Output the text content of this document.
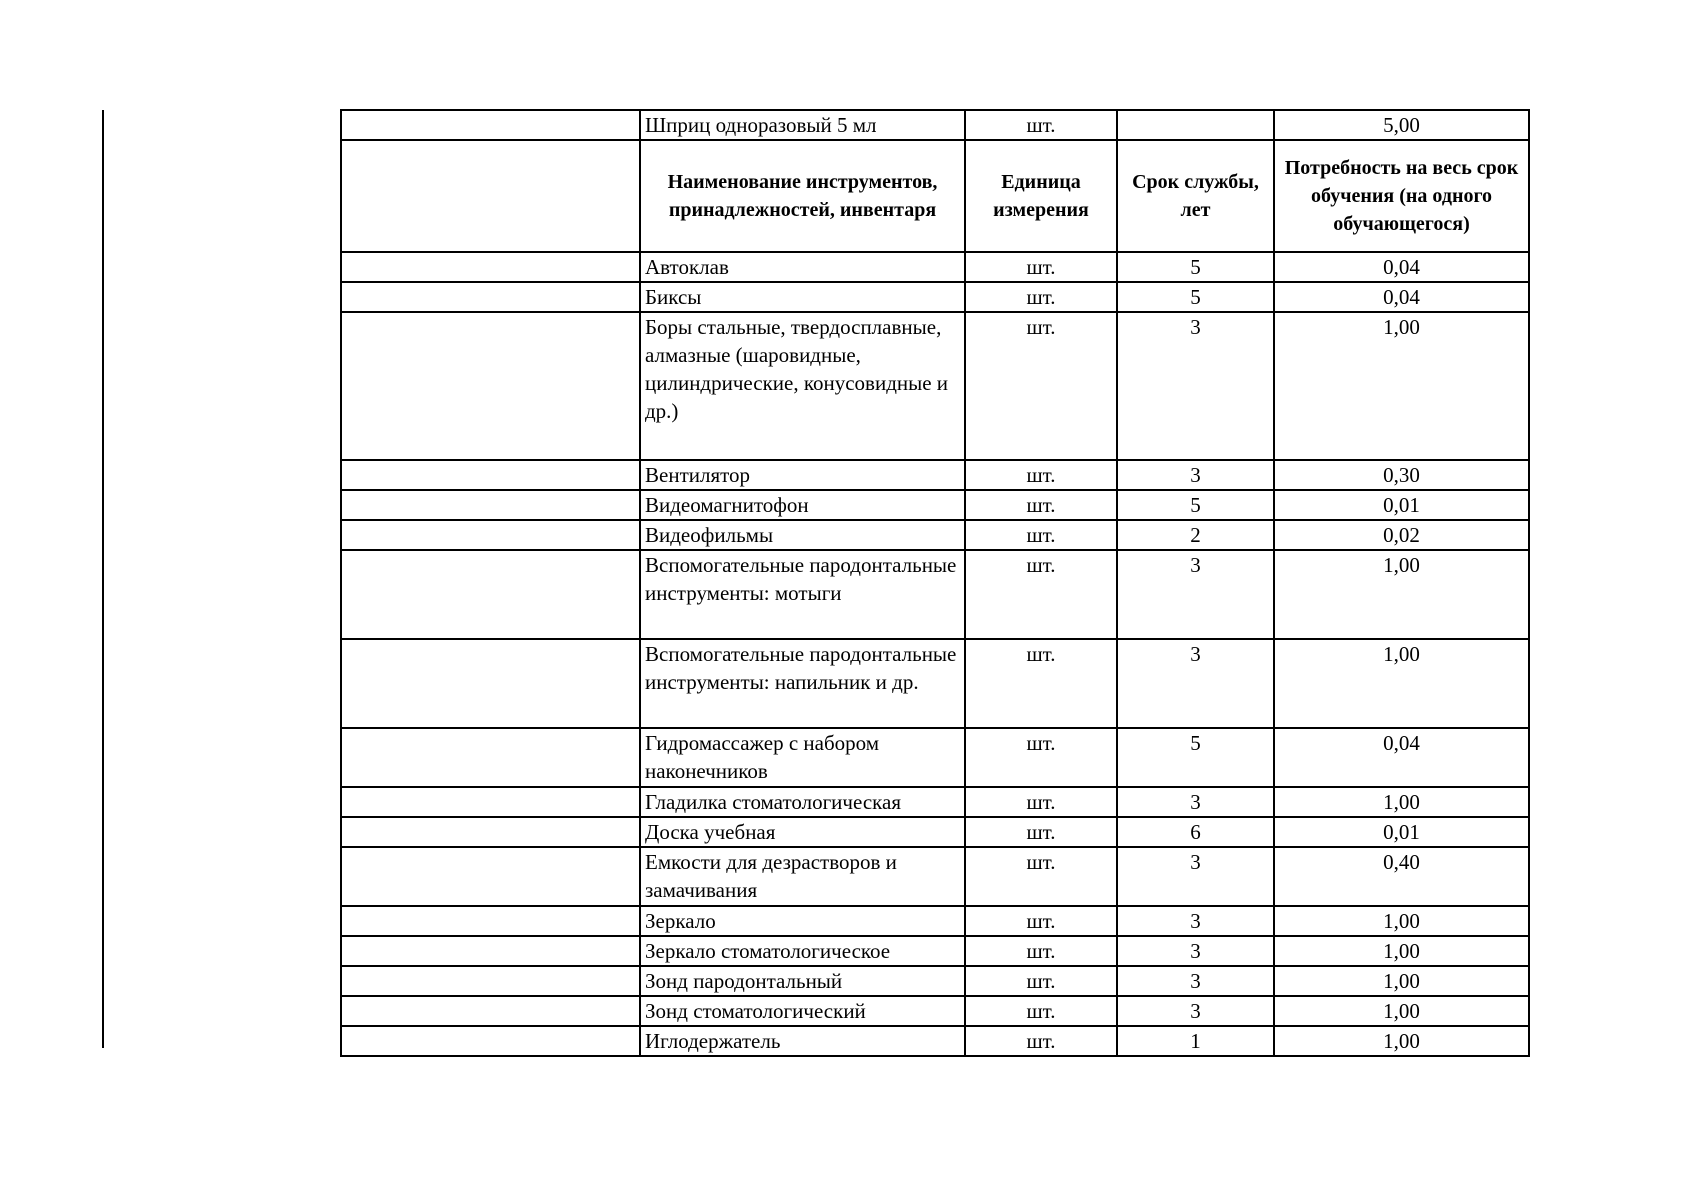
	Шприц одноразовый 5 мл	шт.		5,00
	Наименование инструментов, принадлежностей, инвентаря	Единица измерения	Срок службы, лет	Потребность на весь срок обучения (на одного обучающегося)
	Автоклав	шт.	5	0,04
	Биксы	шт.	5	0,04
	Боры стальные, твердосплавные, алмазные (шаровидные, цилиндрические, конусовидные и др.)	шт.	3	1,00
	Вентилятор	шт.	3	0,30
	Видеомагнитофон	шт.	5	0,01
	Видеофильмы	шт.	2	0,02
	Вспомогательные пародонтальные инструменты: мотыги	шт.	3	1,00
	Вспомогательные пародонтальные инструменты: напильник и др.	шт.	3	1,00
	Гидромассажер с набором наконечников	шт.	5	0,04
	Гладилка стоматологическая	шт.	3	1,00
	Доска учебная	шт.	6	0,01
	Емкости для дезрастворов и замачивания	шт.	3	0,40
	Зеркало	шт.	3	1,00
	Зеркало стоматологическое	шт.	3	1,00
	Зонд пародонтальный	шт.	3	1,00
	Зонд стоматологический	шт.	3	1,00
	Иглодержатель	шт.	1	1,00
